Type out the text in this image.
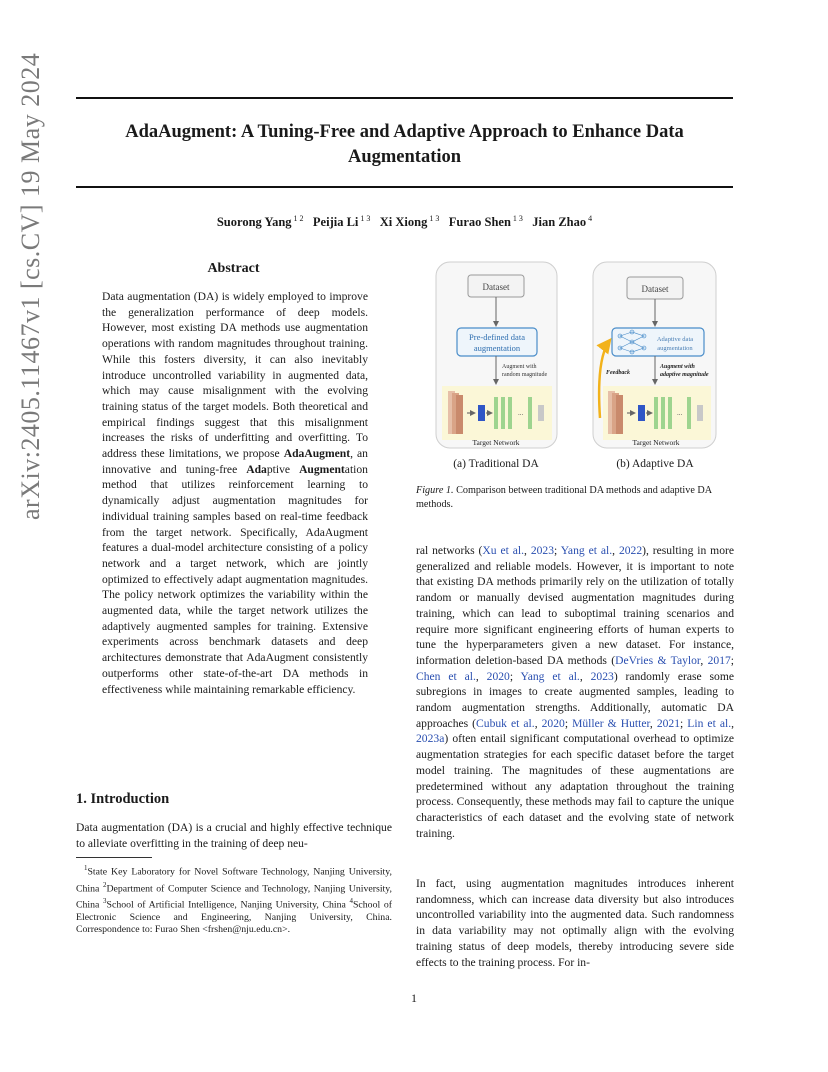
arXiv:2405.11467v1 [cs.CV] 19 May 2024	AdaAugment: A Tuning-Free and Adaptive Approach to Enhance Data Augmentation
Suorong Yang $^{1 2}$ Peijia Li $^{1 3}$ Xi Xiong $^{1 3}$ Furao Shen $^{1 3}$ Jian Zhao $^4$
Abstract
Data augmentation (DA) is widely employed to improve the generalization performance of deep models. However, most existing DA methods use augmentation operations with random magnitudes throughout training. While this fosters diversity, it can also inevitably introduce uncontrolled variability in augmented data, which may cause misalignment with the evolving training status of the target models. Both theoretical and empirical findings suggest that this misalignment increases the risks of underfitting and overfitting. To address these limitations, we propose AdaAugment, an innovative and tuning-free Adaptive Augmentation method that utilizes reinforcement learning to dynamically adjust augmentation magnitudes for individual training samples based on real-time feedback from the target network. Specifically, AdaAugment features a dual-model architecture consisting of a policy network and a target network, which are jointly optimized to effectively adapt augmentation magnitudes. The policy network optimizes the variability within the augmented data, while the target network utilizes the adaptively augmented samples for training. Extensive experiments across benchmark datasets and deep architectures demonstrate that AdaAugment consistently outperforms other state-of-the-art DA methods in effectiveness while maintaining remarkable efficiency.
1. Introduction
Data augmentation (DA) is a crucial and highly effective technique to alleviate overfitting in the training of deep neu-
$^1$State Key Laboratory for Novel Software Technology, Nanjing University, China $^2$Department of Computer Science and Technology, Nanjing University, China $^3$School of Artificial Intelligence, Nanjing University, China $^4$School of Electronic Science and Engineering, Nanjing University, China. Correspondence to: Furao Shen <frshen@nju.edu.cn>.
Dataset
Pre-defined data
augmentation
Augment with
random magnitude
...
Target Network
Dataset
Adaptive data
augmentation
Feedback
Augment with
adaptive magnitude
...
Target Network
(a) Traditional DA	(b) Adaptive DA
Figure 1. Comparison between traditional DA methods and adaptive DA methods.
ral networks (Xu et al., 2023; Yang et al., 2022), resulting in more generalized and reliable models. However, it is important to note that existing DA methods primarily rely on the utilization of totally random or manually devised augmentation magnitudes during training, which can lead to suboptimal training scenarios and require more significant engineering efforts of human experts to tune the hyperparameters given a new dataset. For instance, information deletion-based DA methods (DeVries & Taylor, 2017; Chen et al., 2020; Yang et al., 2023) randomly erase some subregions in images to create augmented samples, leading to random augmentation strengths. Additionally, automatic DA approaches (Cubuk et al., 2020; Müller & Hutter, 2021; Lin et al., 2023a) often entail significant computational overhead to optimize augmentation strategies for each specific dataset before the target model training. The magnitudes of these augmentations are predetermined without any adaptation throughout the training process. Consequently, these methods may fail to capture the unique characteristics of each dataset and the evolving state of network training.
In fact, using augmentation magnitudes introduces inherent randomness, which can increase data diversity but also introduces uncontrolled variability into the augmented data. Such randomness in data variability may not optimally align with the evolving training status of deep models, thereby introducing severe side effects to the training process. For in-
1
